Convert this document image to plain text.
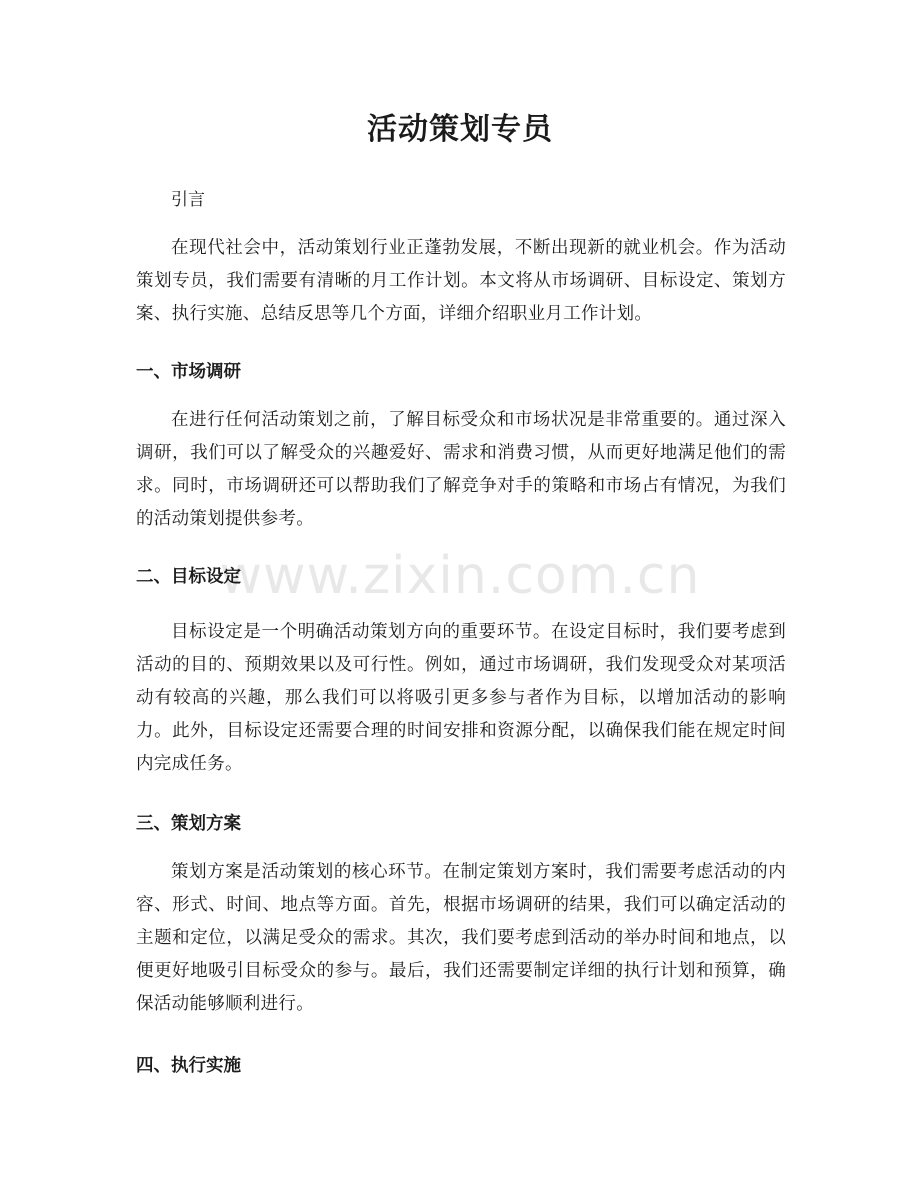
活动策划专员

引言

在现代社会中，活动策划行业正蓬勃发展，不断出现新的就业机会。作为活动策划专员，我们需要有清晰的月工作计划。本文将从市场调研、目标设定、策划方案、执行实施、总结反思等几个方面，详细介绍职业月工作计划。

一、市场调研

在进行任何活动策划之前，了解目标受众和市场状况是非常重要的。通过深入调研，我们可以了解受众的兴趣爱好、需求和消费习惯，从而更好地满足他们的需求。同时，市场调研还可以帮助我们了解竞争对手的策略和市场占有情况，为我们的活动策划提供参考。

二、目标设定

目标设定是一个明确活动策划方向的重要环节。在设定目标时，我们要考虑到活动的目的、预期效果以及可行性。例如，通过市场调研，我们发现受众对某项活动有较高的兴趣，那么我们可以将吸引更多参与者作为目标，以增加活动的影响力。此外，目标设定还需要合理的时间安排和资源分配，以确保我们能在规定时间内完成任务。

三、策划方案

策划方案是活动策划的核心环节。在制定策划方案时，我们需要考虑活动的内容、形式、时间、地点等方面。首先，根据市场调研的结果，我们可以确定活动的主题和定位，以满足受众的需求。其次，我们要考虑到活动的举办时间和地点，以便更好地吸引目标受众的参与。最后，我们还需要制定详细的执行计划和预算，确保活动能够顺利进行。

四、执行实施

www.zixin.com.cn
